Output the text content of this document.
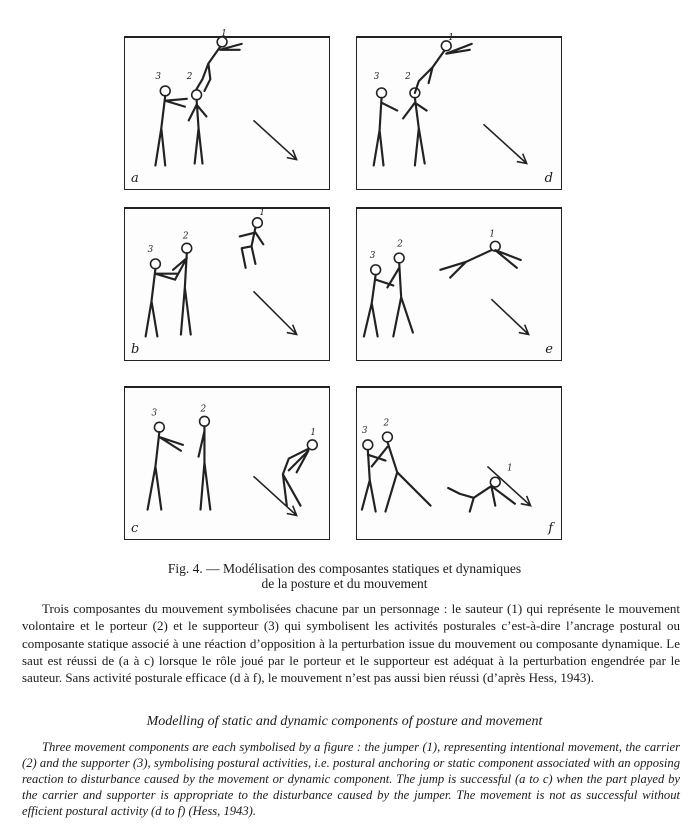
1
2
3
a
1
2
3
d
1
2
3
b
1
2
3
e
1
2
3
c
1
2
3
f
Fig. 4. — Modélisation des composantes statiques et dynamiques
de la posture et du mouvement

Trois composantes du mouvement symbolisées chacune par un personnage : le sauteur (1) qui représente le mouvement volontaire et le porteur (2) et le supporteur (3) qui symbolisent les activités posturales c’est-à-dire l’ancrage postural ou composante statique associé à une réaction d’opposition à la perturbation issue du mouvement ou composante dynamique. Le saut est réussi de (a à c) lorsque le rôle joué par le porteur et le supporteur est adéquat à la perturbation engendrée par le sauteur. Sans activité posturale efficace (d à f), le mouvement n’est pas aussi bien réussi (d’après Hess, 1943).

Modelling of static and dynamic components of posture and movement

Three movement components are each symbolised by a figure : the jumper (1), representing intentional movement, the carrier (2) and the supporter (3), symbolising postural activities, i.e. postural anchoring or static component associated with an opposing reaction to disturbance caused by the movement or dynamic component. The jump is successful (a to c) when the part played by the carrier and supporter is appropriate to the disturbance caused by the jumper. The movement is not as successful without efficient postural activity (d to f) (Hess, 1943).
